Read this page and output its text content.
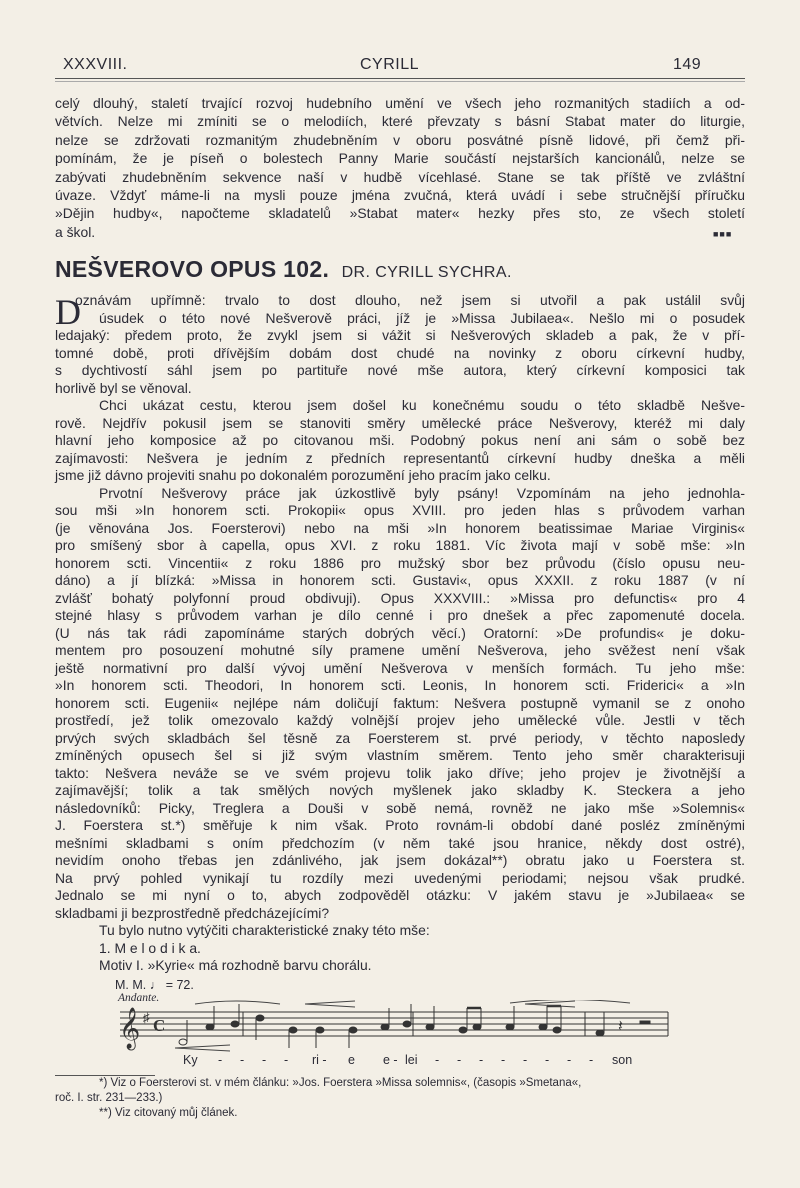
XXXVIII.	CYRILL	149
celý dlouhý, staletí trvající rozvoj hudebního umění ve všech jeho rozmanitých stadiích a od-
větvích. Nelze mi zmíniti se o melodiích, které převzaty s básní Stabat mater do liturgie,
nelze se zdržovati rozmanitým zhudebněním v oboru posvátné písně lidové, při čemž při-
pomínám, že je píseň o bolestech Panny Marie součástí nejstarších kancionálů, nelze se
zabývati zhudebněním sekvence naší v hudbě vícehlasé. Stane se tak příště ve zvláštní
úvaze. Vždyť máme-li na mysli pouze jména zvučná, která uvádí i sebe stručnější příručku
»Dějin hudby«, napočteme skladatelů »Stabat mater« hezky přes sto, ze všech století
a škol.	■■■
NEŠVEROVO OPUS 102. DR. CYRILL SYCHRA.
D
oznávám upřímně: trvalo to dost dlouho, než jsem si utvořil a pak ustálil svůj
úsudek o této nové Nešverově práci, jíž je »Missa Jubilaea«. Nešlo mi o posudek
ledajaký: předem proto, že zvykl jsem si vážit si Nešverových skladeb a pak, že v pří-
tomné době, proti dřívějším dobám dost chudé na novinky z oboru církevní hudby,
s dychtivostí sáhl jsem po partituře nové mše autora, který církevní komposici tak
horlivě byl se věnoval.
Chci ukázat cestu, kterou jsem došel ku konečnému soudu o této skladbě Nešve-
rově. Nejdřív pokusil jsem se stanoviti směry umělecké práce Nešverovy, kteréž mi daly
hlavní jeho komposice až po citovanou mši. Podobný pokus není ani sám o sobě bez
zajímavosti: Nešvera je jedním z předních representantů církevní hudby dneška a měli
jsme již dávno projeviti snahu po dokonalém porozumění jeho pracím jako celku.
Prvotní Nešverovy práce jak úzkostlivě byly psány! Vzpomínám na jeho jednohla-
sou mši »In honorem scti. Prokopii« opus XVIII. pro jeden hlas s průvodem varhan
(je věnována Jos. Foersterovi) nebo na mši »In honorem beatissimae Mariae Virginis«
pro smíšený sbor à capella, opus XVI. z roku 1881. Víc života mají v sobě mše: »In
honorem scti. Vincentii« z roku 1886 pro mužský sbor bez průvodu (číslo opusu neu-
dáno) a jí blízká: »Missa in honorem scti. Gustavi«, opus XXXII. z roku 1887 (v ní
zvlášť bohatý polyfonní proud obdivuji). Opus XXXVIII.: »Missa pro defunctis« pro 4
stejné hlasy s průvodem varhan je dílo cenné i pro dnešek a přec zapomenuté docela.
(U nás tak rádi zapomínáme starých dobrých věcí.) Oratorní: »De profundis« je doku-
mentem pro posouzení mohutné síly pramene umění Nešverova, jeho svěžest není však
ještě normativní pro další vývoj umění Nešverova v menších formách. Tu jeho mše:
»In honorem scti. Theodori, In honorem scti. Leonis, In honorem scti. Friderici« a »In
honorem scti. Eugenii« nejlépe nám doličují faktum: Nešvera postupně vymanil se z onoho
prostředí, jež tolik omezovalo každý volnější projev jeho umělecké vůle. Jestli v těch
prvých svých skladbách šel těsně za Foersterem st. prvé periody, v těchto naposledy
zmíněných opusech šel si již svým vlastním směrem. Tento jeho směr charakterisuji
takto: Nešvera neváže se ve svém projevu tolik jako dříve; jeho projev je životnější a
zajímavější; tolik a tak smělých nových myšlenek jako skladby K. Steckera a jeho
následovníků: Picky, Treglera a Douši v sobě nemá, rovněž ne jako mše »Solemnis«
J. Foerstera st.*) směřuje k nim však. Proto rovnám-li období dané posléz zmíněnými
mešními skladbami s oním předchozím (v něm také jsou hranice, někdy dost ostré),
nevidím onoho třebas jen zdánlivého, jak jsem dokázal**) obratu jako u Foerstera st.
Na prvý pohled vynikají tu rozdíly mezi uvedenými periodami; nejsou však prudké.
Jednalo se mi nyní o to, abych zodpověděl otázku: V jakém stavu je »Jubilaea« se
skladbami ji bezprostředně předcházejícími?
Tu bylo nutno vytýčiti charakteristické znaky této mše:
1. M e l o d i k a.
Motiv I. »Kyrie« má rozhodně barvu chorálu.
M. M. ♩ = 72.
Andante.
𝄞 ♯ C	𝄽
Ky - - - - ri - e e - lei - - - - - - - - son
*) Viz o Foersterovi st. v mém článku: »Jos. Foerstera »Missa solemnis«, (časopis »Smetana«,
roč. I. str. 231—233.)
**) Viz citovaný můj článek.
